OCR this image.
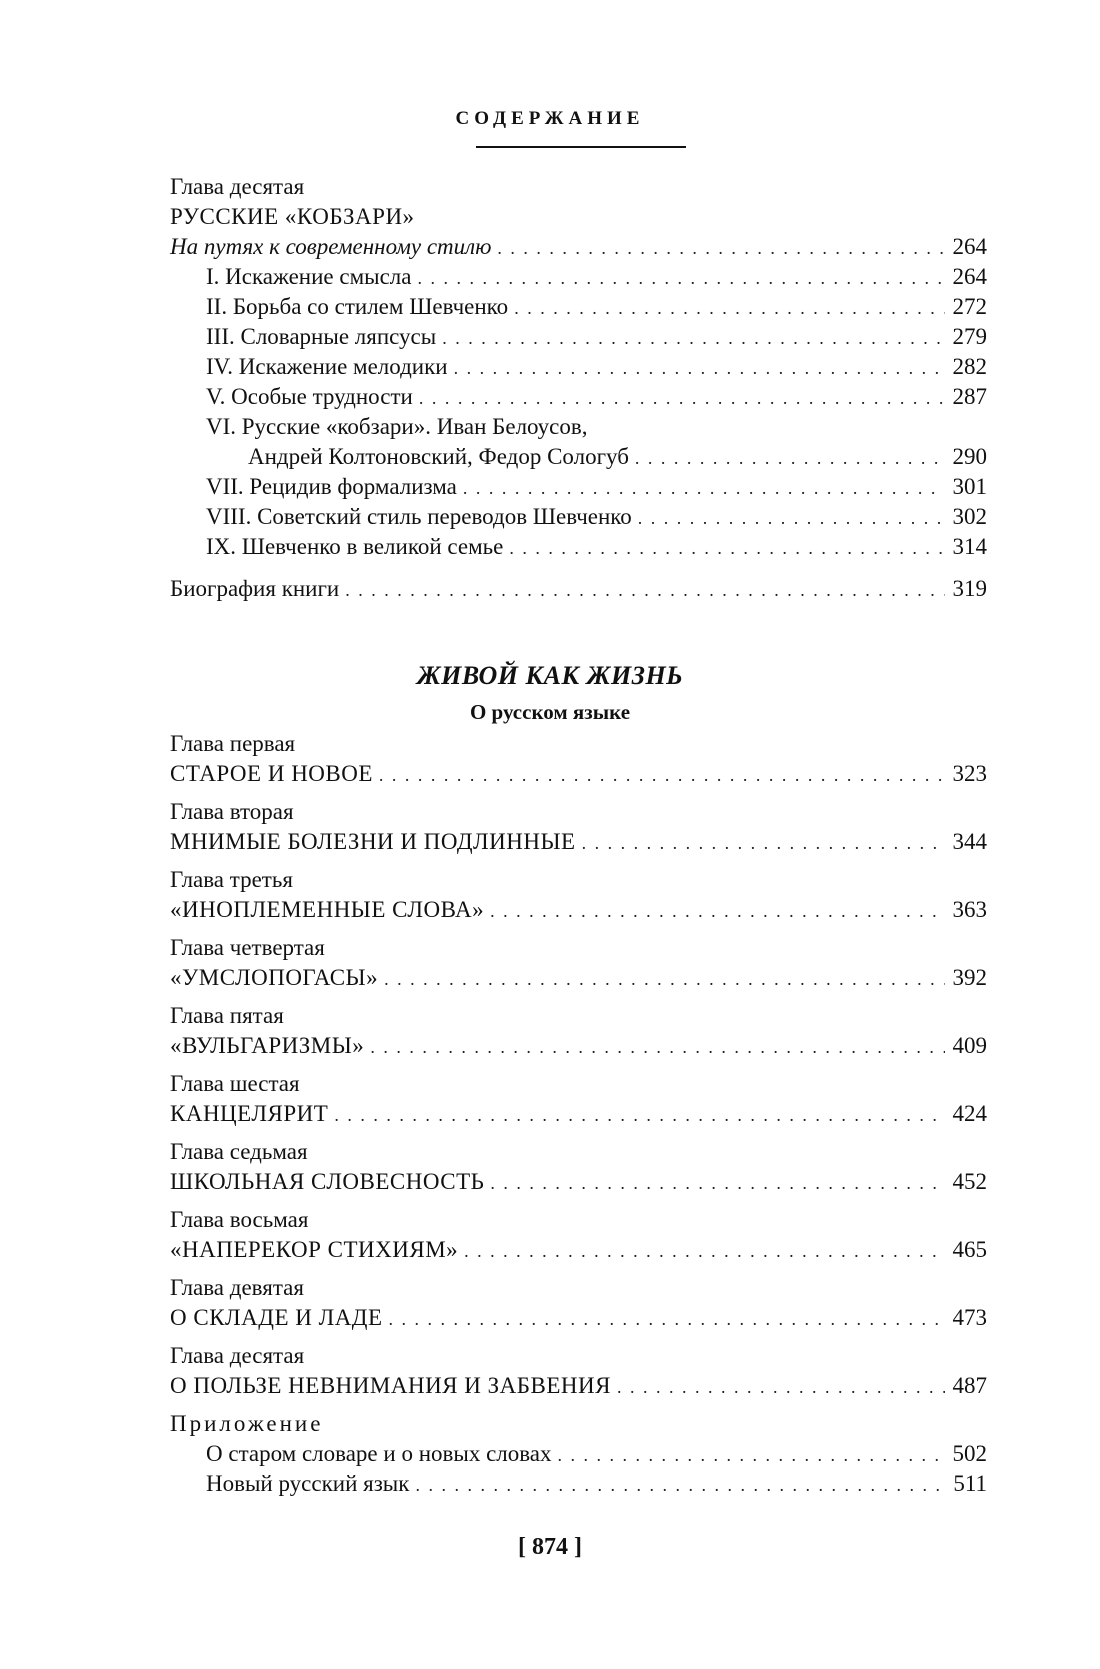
СОДЕРЖАНИЕ
Глава десятая
РУССКИЕ «КОБЗАРИ»
На путях к современному стилю . . .	264
I. Искажение смысла . . .	264
II. Борьба со стилем Шевченко . . .	272
III. Словарные ляпсусы . . .	279
IV. Искажение мелодики . . .	282
V. Особые трудности . . .	287
VI. Русские «кобзари». Иван Белоусов,
Андрей Колтоновский, Федор Сологуб . . .	290
VII. Рецидив формализма . . .	301
VIII. Советский стиль переводов Шевченко . . .	302
IX. Шевченко в великой семье . . .	314
Биография книги . . .	319
ЖИВОЙ КАК ЖИЗНЬ
О русском языке
Глава первая
СТАРОЕ И НОВОЕ . . .	323
Глава вторая
МНИМЫЕ БОЛЕЗНИ И ПОДЛИННЫЕ . . .	344
Глава третья
«ИНОПЛЕМЕННЫЕ СЛОВА» . . .	363
Глава четвертая
«УМСЛОПОГАСЫ» . . .	392
Глава пятая
«ВУЛЬГАРИЗМЫ» . . .	409
Глава шестая
КАНЦЕЛЯРИТ . . .	424
Глава седьмая
ШКОЛЬНАЯ СЛОВЕСНОСТЬ . . .	452
Глава восьмая
«НАПЕРЕКОР СТИХИЯМ» . . .	465
Глава девятая
О СКЛАДЕ И ЛАДЕ . . .	473
Глава десятая
О ПОЛЬЗЕ НЕВНИМАНИЯ И ЗАБВЕНИЯ . . .	487
Приложение
О старом словаре и о новых словах . . .	502
Новый русский язык . . .	511
[ 874 ]
